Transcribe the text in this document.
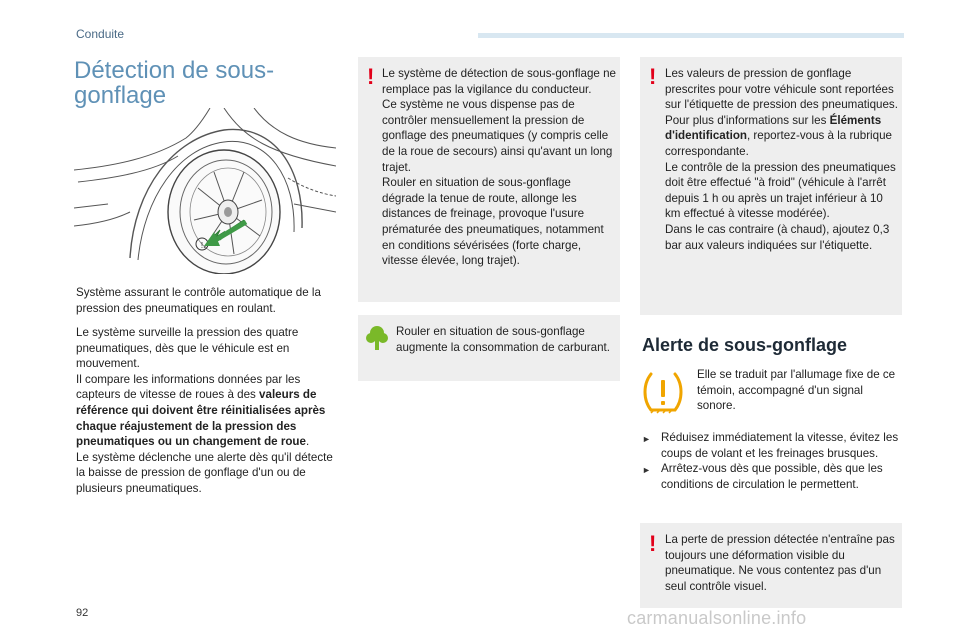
Conduite
Détection de sous-gonflage
!

Système assurant le contrôle automatique de la pression des pneumatiques en roulant.

Le système surveille la pression des quatre pneumatiques, dès que le véhicule est en mouvement.
Il compare les informations données par les capteurs de vitesse de roues à des valeurs de référence qui doivent être réinitialisées après chaque réajustement de la pression des pneumatiques ou un changement de roue.
Le système déclenche une alerte dès qu'il détecte la baisse de pression de gonflage d'un ou de plusieurs pneumatiques.
! Le système de détection de sous-gonflage ne remplace pas la vigilance du conducteur.
Ce système ne vous dispense pas de contrôler mensuellement la pression de gonflage des pneumatiques (y compris celle de la roue de secours) ainsi qu'avant un long trajet.
Rouler en situation de sous-gonflage dégrade la tenue de route, allonge les distances de freinage, provoque l'usure prématurée des pneumatiques, notamment en conditions sévérisées (forte charge, vitesse élevée, long trajet).

Rouler en situation de sous-gonflage augmente la consommation de carburant.

! Les valeurs de pression de gonflage prescrites pour votre véhicule sont reportées sur l'étiquette de pression des pneumatiques.
Pour plus d'informations sur les Éléments d'identification, reportez-vous à la rubrique correspondante.
Le contrôle de la pression des pneumatiques doit être effectué "à froid" (véhicule à l'arrêt depuis 1 h ou après un trajet inférieur à 10 km effectué à vitesse modérée).
Dans le cas contraire (à chaud), ajoutez 0,3 bar aux valeurs indiquées sur l'étiquette.
Alerte de sous-gonflage

Elle se traduit par l'allumage fixe de ce témoin, accompagné d'un signal sonore.

► Réduisez immédiatement la vitesse, évitez les coups de volant et les freinages brusques.
► Arrêtez-vous dès que possible, dès que les conditions de circulation le permettent.
! La perte de pression détectée n'entraîne pas toujours une déformation visible du pneumatique. Ne vous contentez pas d'un seul contrôle visuel.

92	carmanualsonline.info
